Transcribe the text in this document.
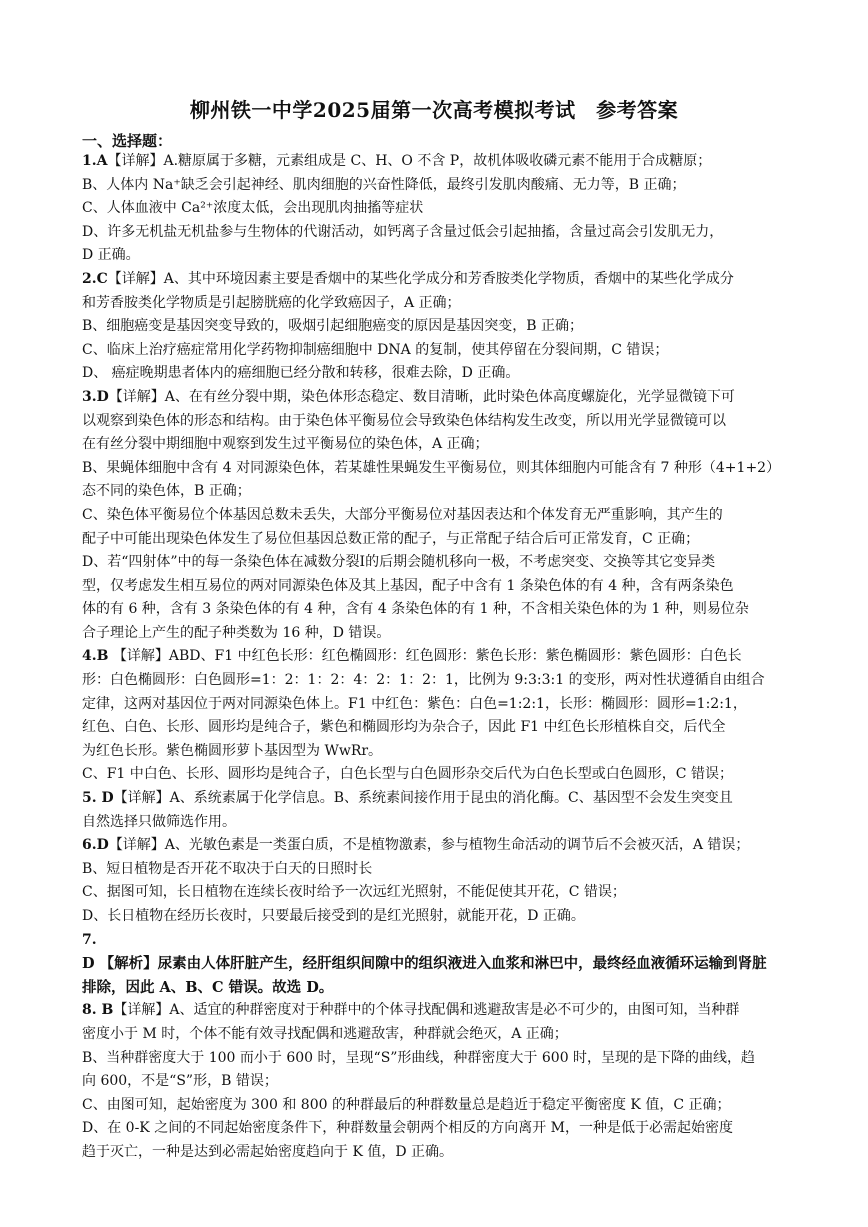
柳州铁一中学2025届第一次高考模拟考试　参考答案
一、选择题：
1.A【详解】A.糖原属于多糖，元素组成是 C、H、O 不含 P，故机体吸收磷元素不能用于合成糖原；
B、人体内 Na⁺缺乏会引起神经、肌肉细胞的兴奋性降低，最终引发肌肉酸痛、无力等，B 正确；
C、人体血液中 Ca²⁺浓度太低，会出现肌肉抽搐等症状
D、许多无机盐无机盐参与生物体的代谢活动，如钙离子含量过低会引起抽搐，含量过高会引发肌无力，
D 正确。
2.C【详解】A、其中环境因素主要是香烟中的某些化学成分和芳香胺类化学物质，香烟中的某些化学成分
和芳香胺类化学物质是引起膀胱癌的化学致癌因子，A 正确；
B、细胞癌变是基因突变导致的，吸烟引起细胞癌变的原因是基因突变，B 正确；
C、临床上治疗癌症常用化学药物抑制癌细胞中 DNA 的复制，使其停留在分裂间期，C 错误；
D、 癌症晚期患者体内的癌细胞已经分散和转移，很难去除，D 正确。
3.D【详解】A、在有丝分裂中期，染色体形态稳定、数目清晰，此时染色体高度螺旋化，光学显微镜下可
以观察到染色体的形态和结构。由于染色体平衡易位会导致染色体结构发生改变，所以用光学显微镜可以
在有丝分裂中期细胞中观察到发生过平衡易位的染色体，A 正确；
B、果蝇体细胞中含有 4 对同源染色体，若某雄性果蝇发生平衡易位，则其体细胞内可能含有 7 种形（4+1+2）
态不同的染色体，B 正确；
C、染色体平衡易位个体基因总数未丢失，大部分平衡易位对基因表达和个体发育无严重影响，其产生的
配子中可能出现染色体发生了易位但基因总数正常的配子，与正常配子结合后可正常发育，C 正确；
D、若“四射体”中的每一条染色体在减数分裂Ⅰ的后期会随机移向一极，不考虑突变、交换等其它变异类
型，仅考虑发生相互易位的两对同源染色体及其上基因，配子中含有 1 条染色体的有 4 种，含有两条染色
体的有 6 种，含有 3 条染色体的有 4 种，含有 4 条染色体的有 1 种，不含相关染色体的为 1 种，则易位杂
合子理论上产生的配子种类数为 16 种，D 错误。
4.B 【详解】ABD、F1 中红色长形：红色椭圆形：红色圆形：紫色长形：紫色椭圆形：紫色圆形：白色长
形：白色椭圆形：白色圆形=1：2：1：2：4：2：1：2：1，比例为 9:3:3:1 的变形，两对性状遵循自由组合
定律，这两对基因位于两对同源染色体上。F1 中红色：紫色：白色=1:2:1，长形：椭圆形：圆形=1:2:1，
红色、白色、长形、圆形均是纯合子，紫色和椭圆形均为杂合子，因此 F1 中红色长形植株自交，后代全
为红色长形。紫色椭圆形萝卜基因型为 WwRr。
C、F1 中白色、长形、圆形均是纯合子，白色长型与白色圆形杂交后代为白色长型或白色圆形，C 错误；
5. D【详解】A、系统素属于化学信息。B、系统素间接作用于昆虫的消化酶。C、基因型不会发生突变且
自然选择只做筛选作用。
6.D【详解】A、光敏色素是一类蛋白质，不是植物激素，参与植物生命活动的调节后不会被灭活，A 错误；
B、短日植物是否开花不取决于白天的日照时长
C、据图可知，长日植物在连续长夜时给予一次远红光照射，不能促使其开花，C 错误；
D、长日植物在经历长夜时，只要最后接受到的是红光照射，就能开花，D 正确。
7.
D 【解析】尿素由人体肝脏产生，经肝组织间隙中的组织液进入血浆和淋巴中，最终经血液循环运输到肾脏
排除，因此 A、B、C 错误。故选 D。
8. B【详解】A、适宜的种群密度对于种群中的个体寻找配偶和逃避敌害是必不可少的，由图可知，当种群
密度小于 M 时，个体不能有效寻找配偶和逃避敌害，种群就会绝灭，A 正确；
B、当种群密度大于 100 而小于 600 时，呈现“S”形曲线，种群密度大于 600 时，呈现的是下降的曲线，趋
向 600，不是“S”形，B 错误；
C、由图可知，起始密度为 300 和 800 的种群最后的种群数量总是趋近于稳定平衡密度 K 值，C 正确；
D、在 0-K 之间的不同起始密度条件下，种群数量会朝两个相反的方向离开 M，一种是低于必需起始密度
趋于灭亡，一种是达到必需起始密度趋向于 K 值，D 正确。
